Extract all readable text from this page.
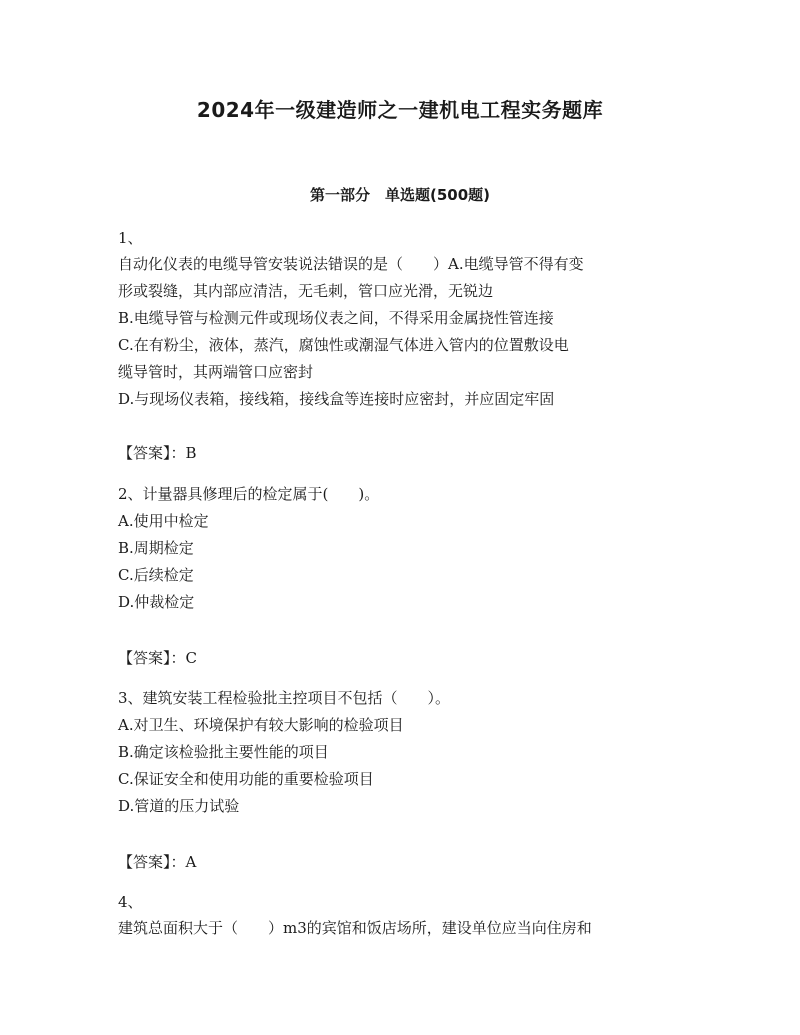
2024年一级建造师之一建机电工程实务题库
第一部分　单选题(500题)
1、
自动化仪表的电缆导管安装说法错误的是（　　）A.电缆导管不得有变
形或裂缝，其内部应清洁，无毛刺，管口应光滑，无锐边
B.电缆导管与检测元件或现场仪表之间，不得采用金属挠性管连接
C.在有粉尘，液体，蒸汽，腐蚀性或潮湿气体进入管内的位置敷设电
缆导管时，其两端管口应密封
D.与现场仪表箱，接线箱，接线盒等连接时应密封，并应固定牢固
【答案】：B
2、计量器具修理后的检定属于(　　)。
A.使用中检定
B.周期检定
C.后续检定
D.仲裁检定
【答案】：C
3、建筑安装工程检验批主控项目不包括（　　）。
A.对卫生、环境保护有较大影响的检验项目
B.确定该检验批主要性能的项目
C.保证安全和使用功能的重要检验项目
D.管道的压力试验
【答案】：A
4、
建筑总面积大于（　　）m3的宾馆和饭店场所，建设单位应当向住房和
